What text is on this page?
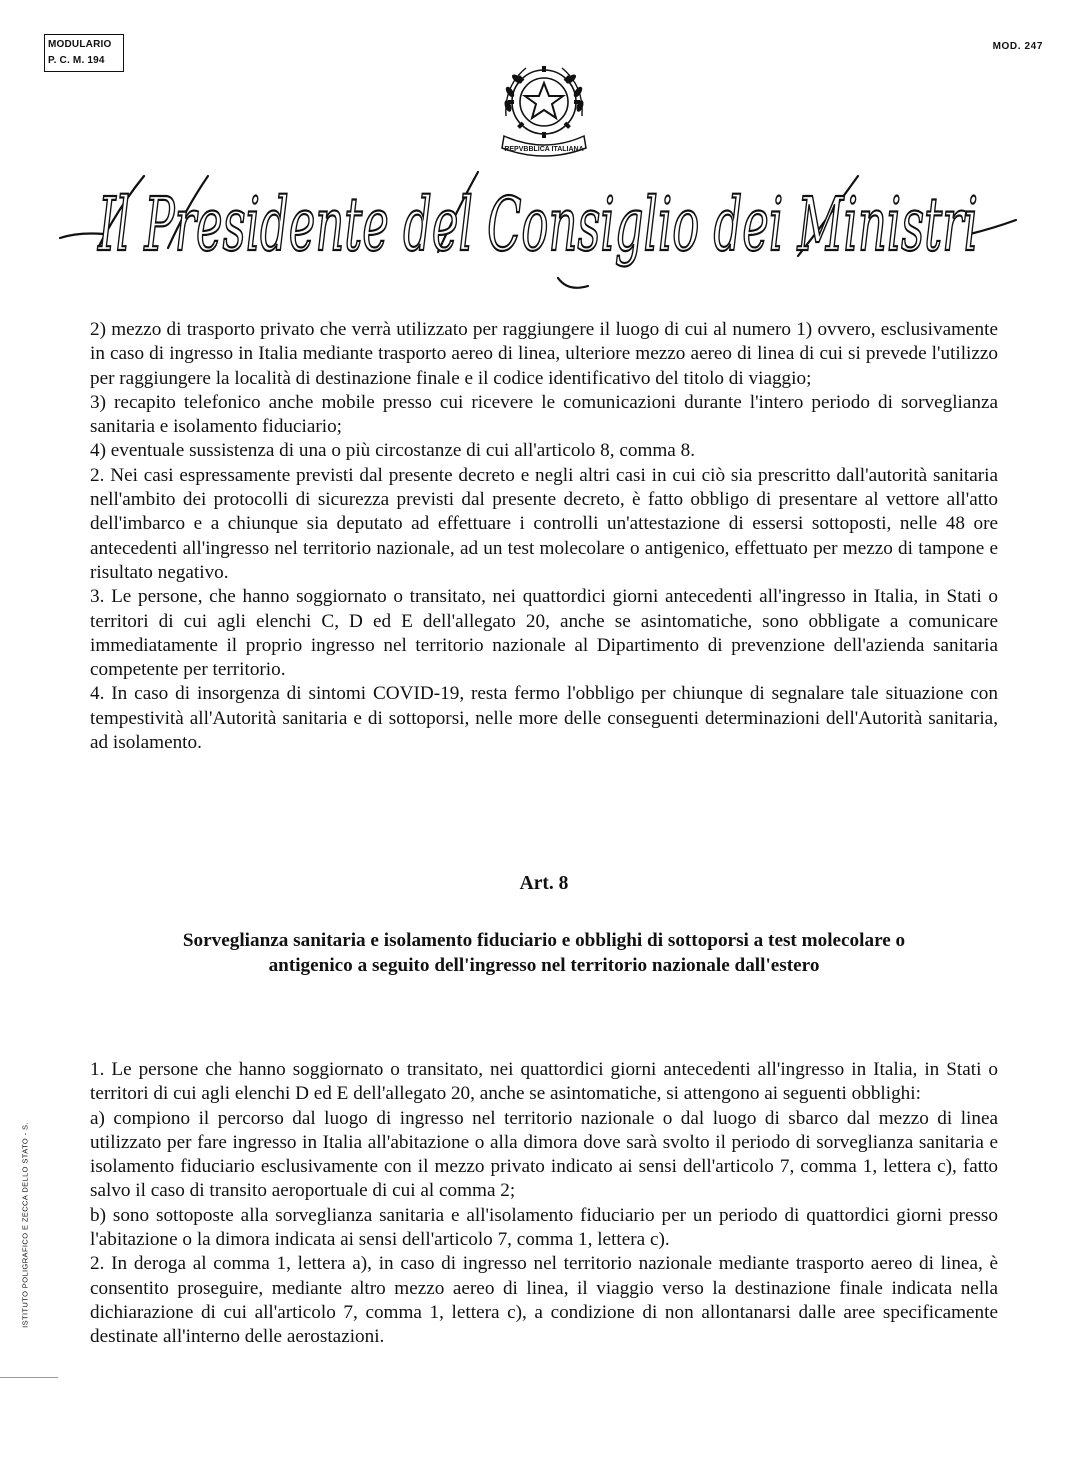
MODULARIO
P. C. M. 194
MOD. 247
REPVBBLICA ITALIANA
Il Presidente del Consiglio dei Ministri

2) mezzo di trasporto privato che verrà utilizzato per raggiungere il luogo di cui al numero 1) ovvero, esclusivamente in caso di ingresso in Italia mediante trasporto aereo di linea, ulteriore mezzo aereo di linea di cui si prevede l'utilizzo per raggiungere la località di destinazione finale e il codice identificativo del titolo di viaggio;

3) recapito telefonico anche mobile presso cui ricevere le comunicazioni durante l'intero periodo di sorveglianza sanitaria e isolamento fiduciario;

4) eventuale sussistenza di una o più circostanze di cui all'articolo 8, comma 8.

2. Nei casi espressamente previsti dal presente decreto e negli altri casi in cui ciò sia prescritto dall'autorità sanitaria nell'ambito dei protocolli di sicurezza previsti dal presente decreto, è fatto obbligo di presentare al vettore all'atto dell'imbarco e a chiunque sia deputato ad effettuare i controlli un'attestazione di essersi sottoposti, nelle 48 ore antecedenti all'ingresso nel territorio nazionale, ad un test molecolare o antigenico, effettuato per mezzo di tampone e risultato negativo.

3. Le persone, che hanno soggiornato o transitato, nei quattordici giorni antecedenti all'ingresso in Italia, in Stati o territori di cui agli elenchi C, D ed E dell'allegato 20, anche se asintomatiche, sono obbligate a comunicare immediatamente il proprio ingresso nel territorio nazionale al Dipartimento di prevenzione dell'azienda sanitaria competente per territorio.

4. In caso di insorgenza di sintomi COVID-19, resta fermo l'obbligo per chiunque di segnalare tale situazione con tempestività all'Autorità sanitaria e di sottoporsi, nelle more delle conseguenti determinazioni dell'Autorità sanitaria, ad isolamento.

Art. 8
Sorveglianza sanitaria e isolamento fiduciario e obblighi di sottoporsi a test molecolare o
antigenico a seguito dell'ingresso nel territorio nazionale dall'estero

1. Le persone che hanno soggiornato o transitato, nei quattordici giorni antecedenti all'ingresso in Italia, in Stati o territori di cui agli elenchi D ed E dell'allegato 20, anche se asintomatiche, si attengono ai seguenti obblighi:

a) compiono il percorso dal luogo di ingresso nel territorio nazionale o dal luogo di sbarco dal mezzo di linea utilizzato per fare ingresso in Italia all'abitazione o alla dimora dove sarà svolto il periodo di sorveglianza sanitaria e isolamento fiduciario esclusivamente con il mezzo privato indicato ai sensi dell'articolo 7, comma 1, lettera c), fatto salvo il caso di transito aeroportuale di cui al comma 2;

b) sono sottoposte alla sorveglianza sanitaria e all'isolamento fiduciario per un periodo di quattordici giorni presso l'abitazione o la dimora indicata ai sensi dell'articolo 7, comma 1, lettera c).

2. In deroga al comma 1, lettera a), in caso di ingresso nel territorio nazionale mediante trasporto aereo di linea, è consentito proseguire, mediante altro mezzo aereo di linea, il viaggio verso la destinazione finale indicata nella dichiarazione di cui all'articolo 7, comma 1, lettera c), a condizione di non allontanarsi dalle aree specificamente destinate all'interno delle aerostazioni.

ISTITUTO POLIGRAFICO E ZECCA DELLO STATO - S.
